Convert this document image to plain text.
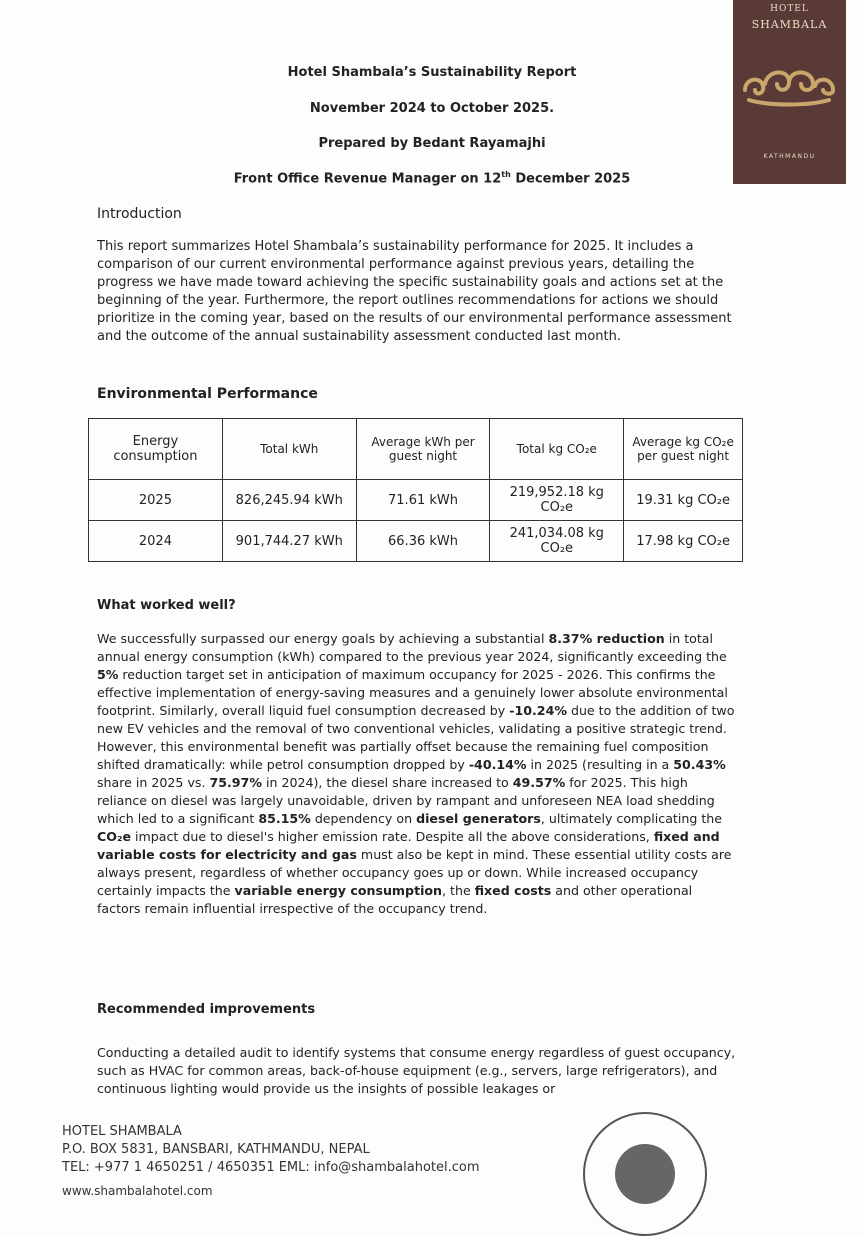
HOTEL
SHAMBALA
KATHMANDU
Hotel Shambala’s Sustainability Report
November 2024 to October 2025.
Prepared by Bedant Rayamajhi
Front Office Revenue Manager on 12th December 2025
Introduction
This report summarizes Hotel Shambala’s sustainability performance for 2025. It includes a comparison of our current environmental performance against previous years, detailing the progress we have made toward achieving the specific sustainability goals and actions set at the beginning of the year. Furthermore, the report outlines recommendations for actions we should prioritize in the coming year, based on the results of our environmental performance assessment and the outcome of the annual sustainability assessment conducted last month.
Environmental Performance
Energy consumption	Total kWh	Average kWh per guest night	Total kg CO₂e	Average kg CO₂e per guest night
2025	826,245.94 kWh	71.61 kWh	219,952.18 kg CO₂e	19.31 kg CO₂e
2024	901,744.27 kWh	66.36 kWh	241,034.08 kg CO₂e	17.98 kg CO₂e
What worked well?
We successfully surpassed our energy goals by achieving a substantial 8.37% reduction in total annual energy consumption (kWh) compared to the previous year 2024, significantly exceeding the 5% reduction target set in anticipation of maximum occupancy for 2025 - 2026. This confirms the effective implementation of energy-saving measures and a genuinely lower absolute environmental footprint. Similarly, overall liquid fuel consumption decreased by -10.24% due to the addition of two new EV vehicles and the removal of two conventional vehicles, validating a positive strategic trend. However, this environmental benefit was partially offset because the remaining fuel composition shifted dramatically: while petrol consumption dropped by -40.14% in 2025 (resulting in a 50.43% share in 2025 vs. 75.97% in 2024), the diesel share increased to 49.57% for 2025. This high reliance on diesel was largely unavoidable, driven by rampant and unforeseen NEA load shedding which led to a significant 85.15% dependency on diesel generators, ultimately complicating the CO₂e impact due to diesel's higher emission rate. Despite all the above considerations, fixed and variable costs for electricity and gas must also be kept in mind. These essential utility costs are always present, regardless of whether occupancy goes up or down. While increased occupancy certainly impacts the variable energy consumption, the fixed costs and other operational factors remain influential irrespective of the occupancy trend.
Recommended improvements
Conducting a detailed audit to identify systems that consume energy regardless of guest occupancy, such as HVAC for common areas, back-of-house equipment (e.g., servers, large refrigerators), and continuous lighting would provide us the insights of possible leakages or
HOTEL SHAMBALA
P.O. BOX 5831, BANSBARI, KATHMANDU, NEPAL
TEL: +977 1 4650251 / 4650351 EML: info@shambalahotel.com
www.shambalahotel.com
